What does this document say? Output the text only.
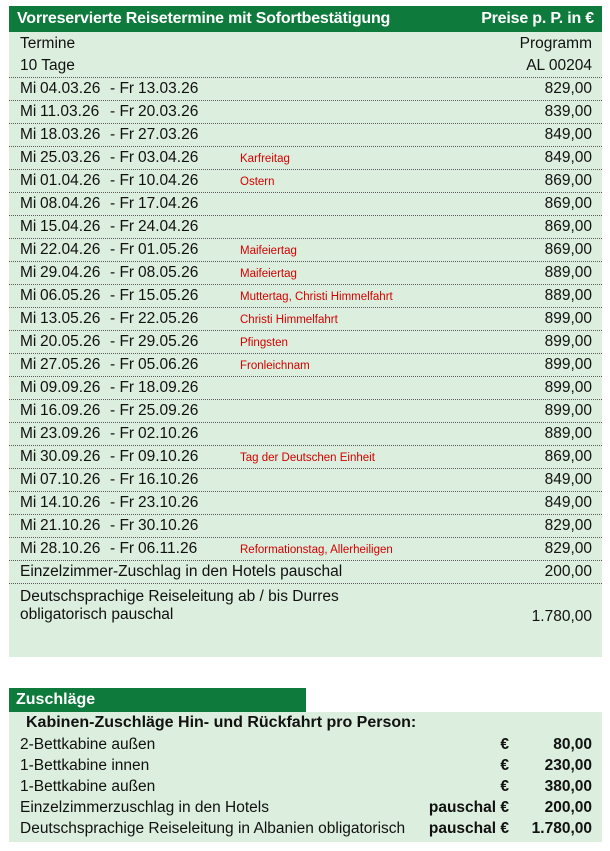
Vorreservierte Reisetermine mit Sofortbestätigung	Preise p. P. in €
Termine	Programm
10 Tage	AL 00204
Mi 04.03.26 - Fr 13.03.26	829,00
Mi 11.03.26 - Fr 20.03.26	839,00
Mi 18.03.26 - Fr 27.03.26	849,00
Mi 25.03.26 - Fr 03.04.26	Karfreitag	849,00
Mi 01.04.26 - Fr 10.04.26	Ostern	869,00
Mi 08.04.26 - Fr 17.04.26	869,00
Mi 15.04.26 - Fr 24.04.26	869,00
Mi 22.04.26 - Fr 01.05.26	Maifeiertag	869,00
Mi 29.04.26 - Fr 08.05.26	Maifeiertag	889,00
Mi 06.05.26 - Fr 15.05.26	Muttertag, Christi Himmelfahrt	889,00
Mi 13.05.26 - Fr 22.05.26	Christi Himmelfahrt	899,00
Mi 20.05.26 - Fr 29.05.26	Pfingsten	899,00
Mi 27.05.26 - Fr 05.06.26	Fronleichnam	899,00
Mi 09.09.26 - Fr 18.09.26	899,00
Mi 16.09.26 - Fr 25.09.26	899,00
Mi 23.09.26 - Fr 02.10.26	889,00
Mi 30.09.26 - Fr 09.10.26	Tag der Deutschen Einheit	869,00
Mi 07.10.26 - Fr 16.10.26	849,00
Mi 14.10.26 - Fr 23.10.26	849,00
Mi 21.10.26 - Fr 30.10.26	829,00
Mi 28.10.26 - Fr 06.11.26	Reformationstag, Allerheiligen	829,00
Einzelzimmer-Zuschlag in den Hotels pauschal	200,00
Deutschsprachige Reiseleitung ab / bis Durres
obligatorisch pauschal	1.780,00
Zuschläge
Kabinen-Zuschläge Hin- und Rückfahrt pro Person:
2-Bettkabine außen	€	80,00
1-Bettkabine innen	€ 230,00
1-Bettkabine außen	€ 380,00
Einzelzimmerzuschlag in den Hotels	pauschal € 200,00
Deutschsprachige Reiseleitung in Albanien obligatorisch	pauschal € 1.780,00
